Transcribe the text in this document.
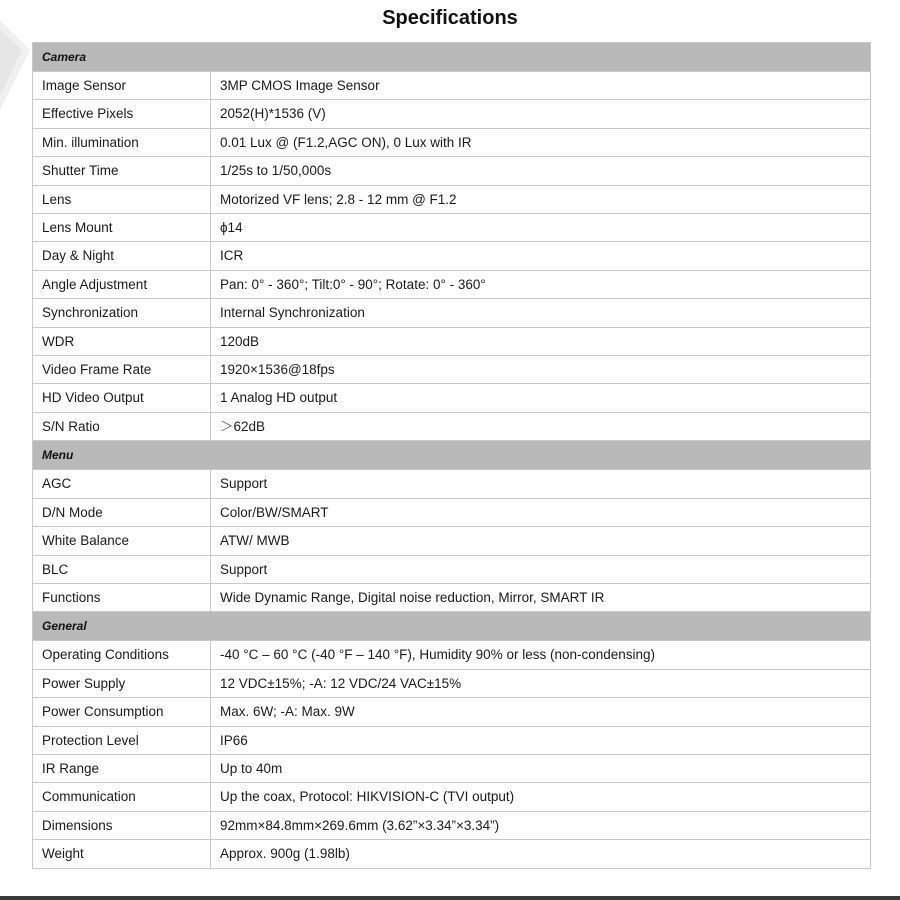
Specifications
Camera	
Image Sensor	3MP CMOS Image Sensor
Effective Pixels	2052(H)*1536 (V)
Min. illumination	0.01 Lux @ (F1.2,AGC ON), 0 Lux with IR
Shutter Time	1/25s to 1/50,000s
Lens	Motorized VF lens; 2.8 - 12 mm @ F1.2
Lens Mount	ϕ14
Day & Night	ICR
Angle Adjustment	Pan: 0° - 360°; Tilt:0° - 90°; Rotate: 0° - 360°
Synchronization	Internal Synchronization
WDR	120dB
Video Frame Rate	1920×1536@18fps
HD Video Output	1 Analog HD output
S/N Ratio	＞62dB
Menu	
AGC	Support
D/N Mode	Color/BW/SMART
White Balance	ATW/ MWB
BLC	Support
Functions	Wide Dynamic Range, Digital noise reduction, Mirror, SMART IR
General	
Operating Conditions	-40 °C – 60 °C (-40 °F – 140 °F), Humidity 90% or less (non-condensing)
Power Supply	12 VDC±15%; -A: 12 VDC/24 VAC±15%
Power Consumption	Max. 6W; -A: Max. 9W
Protection Level	IP66
IR Range	Up to 40m
Communication	Up the coax, Protocol: HIKVISION-C (TVI output)
Dimensions	92mm×84.8mm×269.6mm (3.62”×3.34”×3.34”)
Weight	Approx. 900g (1.98lb)
